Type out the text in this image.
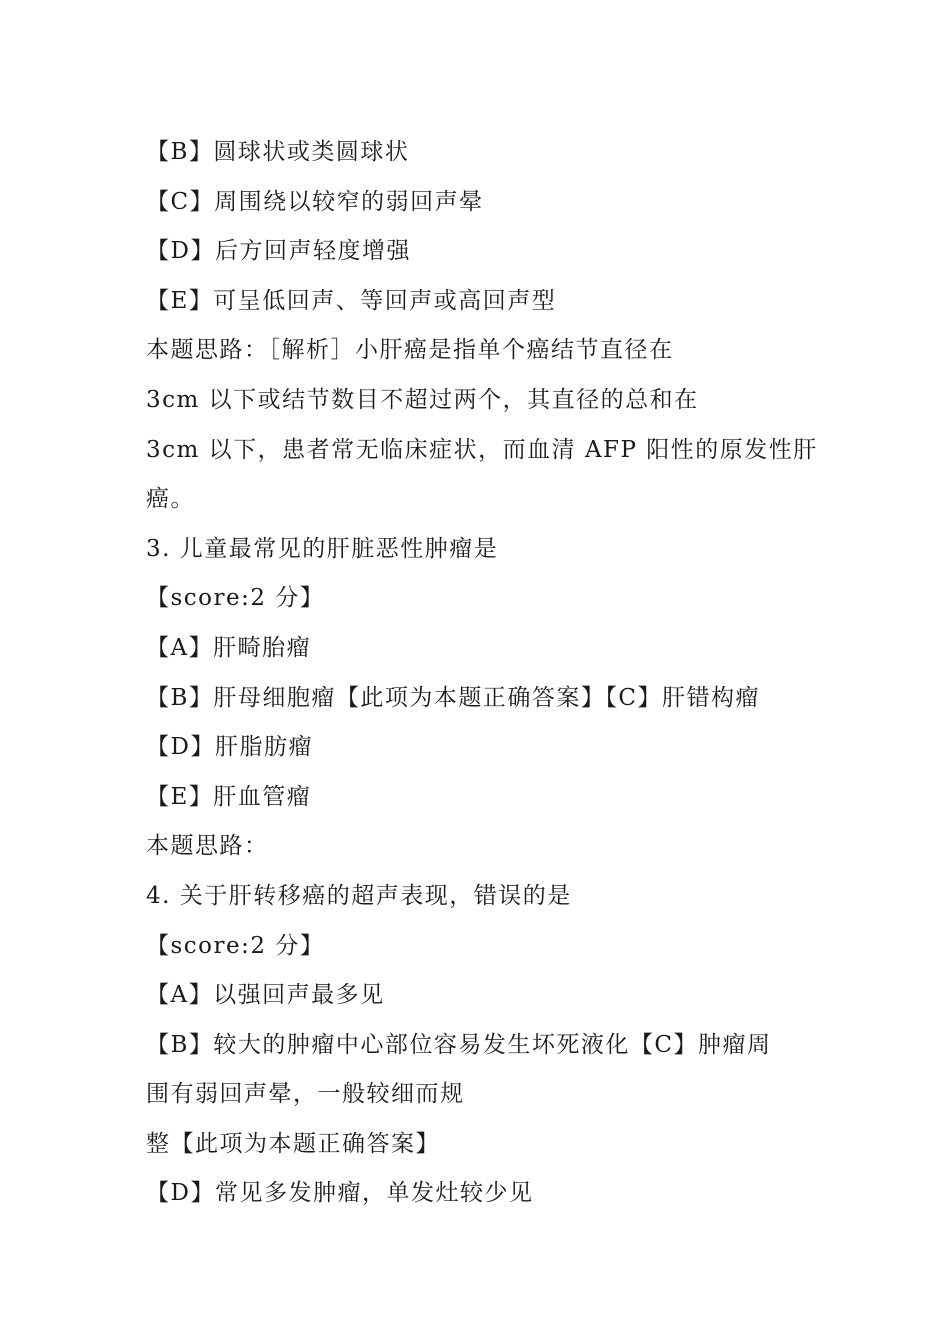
【B】圆球状或类圆球状
【C】周围绕以较窄的弱回声晕
【D】后方回声轻度增强
【E】可呈低回声、等回声或高回声型
本题思路：［解析］小肝癌是指单个癌结节直径在
3cm 以下或结节数目不超过两个，其直径的总和在
3cm 以下，患者常无临床症状，而血清 AFP 阳性的原发性肝
癌。
3. 儿童最常见的肝脏恶性肿瘤是
【score:2 分】
【A】肝畸胎瘤
【B】肝母细胞瘤【此项为本题正确答案】【C】肝错构瘤
【D】肝脂肪瘤
【E】肝血管瘤
本题思路：
4. 关于肝转移癌的超声表现，错误的是
【score:2 分】
【A】以强回声最多见
【B】较大的肿瘤中心部位容易发生坏死液化【C】肿瘤周
围有弱回声晕，一般较细而规
整【此项为本题正确答案】
【D】常见多发肿瘤，单发灶较少见
